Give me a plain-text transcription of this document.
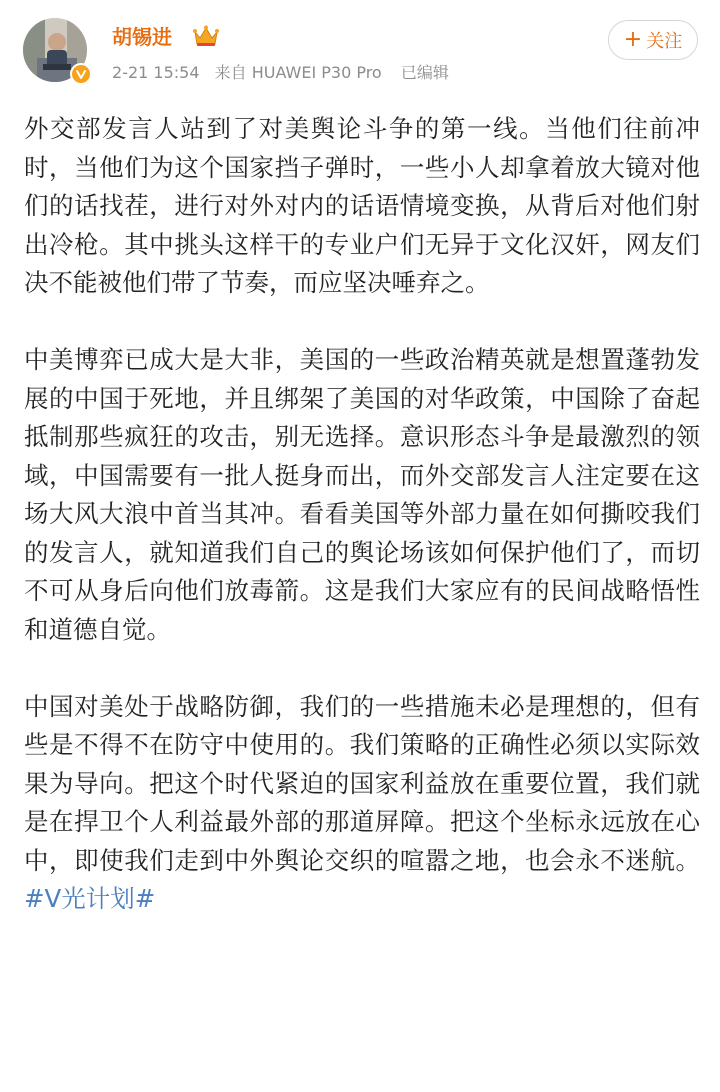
胡锡进
2-21 15:54 来自 HUAWEI P30 Pro 已编辑
+ 关注

外交部发言人站到了对美舆论斗争的第一线。当他们往前冲时，当他们为这个国家挡子弹时，一些小人却拿着放大镜对他们的话找茬，进行对外对内的话语情境变换，从背后对他们射出冷枪。其中挑头这样干的专业户们无异于文化汉奸，网友们决不能被他们带了节奏，而应坚决唾弃之。

中美博弈已成大是大非，美国的一些政治精英就是想置蓬勃发展的中国于死地，并且绑架了美国的对华政策，中国除了奋起抵制那些疯狂的攻击，别无选择。意识形态斗争是最激烈的领域，中国需要有一批人挺身而出，而外交部发言人注定要在这场大风大浪中首当其冲。看看美国等外部力量在如何撕咬我们的发言人，就知道我们自己的舆论场该如何保护他们了，而切不可从身后向他们放毒箭。这是我们大家应有的民间战略悟性和道德自觉。

中国对美处于战略防御，我们的一些措施未必是理想的，但有些是不得不在防守中使用的。我们策略的正确性必须以实际效果为导向。把这个时代紧迫的国家利益放在重要位置，我们就是在捍卫个人利益最外部的那道屏障。把这个坐标永远放在心中，即使我们走到中外舆论交织的喧嚣之地，也会永不迷航。 #V光计划#
